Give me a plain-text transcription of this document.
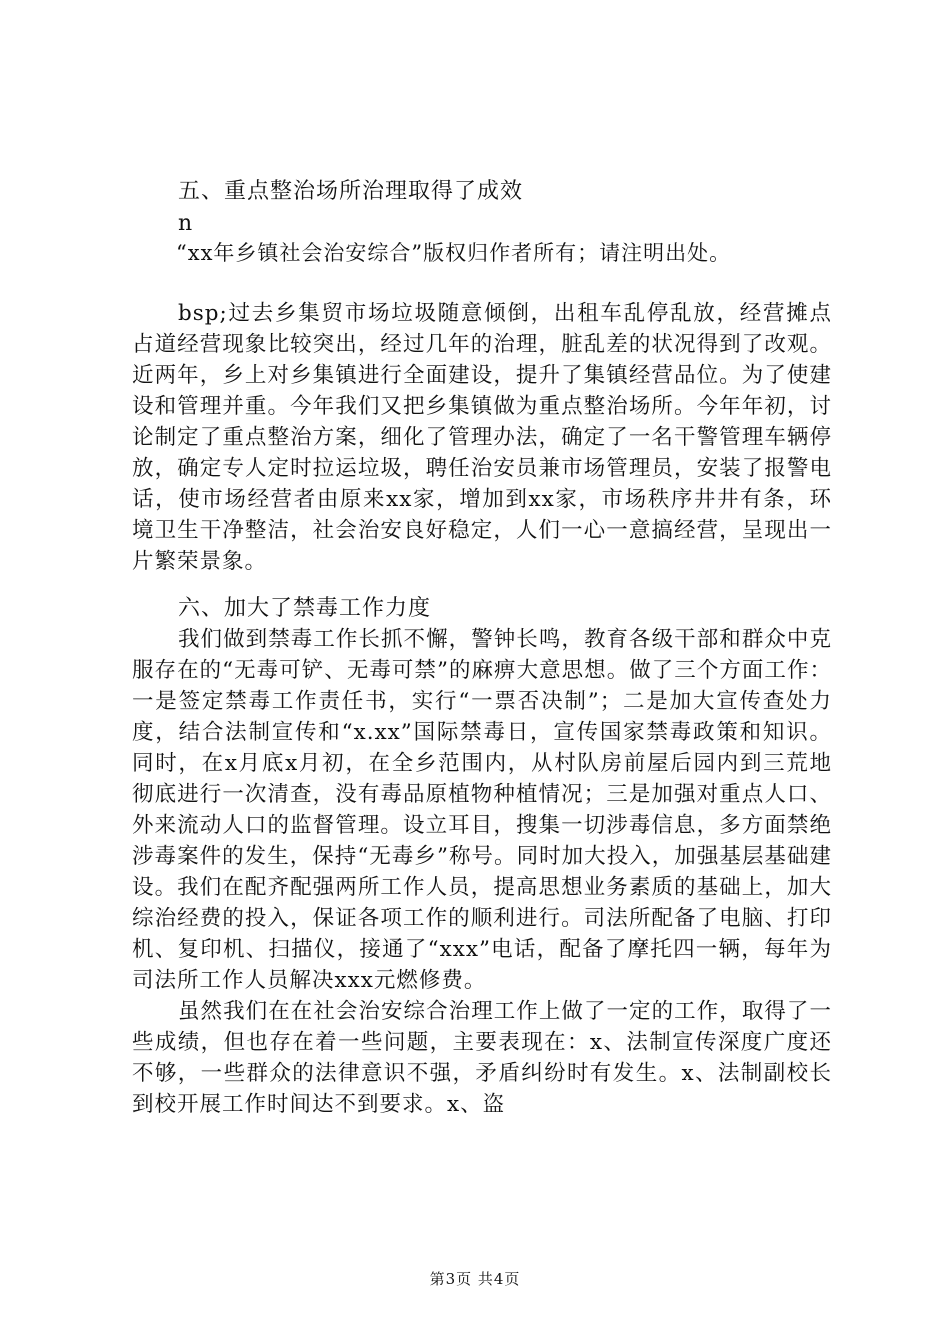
五、重点整治场所治理取得了成效
n
“xx年乡镇社会治安综合”版权归作者所有；请注明出处。

bsp;过去乡集贸市场垃圾随意倾倒，出租车乱停乱放，经营摊点占道经营现象比较突出，经过几年的治理，脏乱差的状况得到了改观。近两年，乡上对乡集镇进行全面建设，提升了集镇经营品位。为了使建设和管理并重。今年我们又把乡集镇做为重点整治场所。今年年初，讨论制定了重点整治方案，细化了管理办法，确定了一名干警管理车辆停放，确定专人定时拉运垃圾，聘任治安员兼市场管理员，安装了报警电话，使市场经营者由原来xx家，增加到xx家，市场秩序井井有条，环境卫生干净整洁，社会治安良好稳定，人们一心一意搞经营，呈现出一片繁荣景象。

六、加大了禁毒工作力度

我们做到禁毒工作长抓不懈，警钟长鸣，教育各级干部和群众中克服存在的“无毒可铲、无毒可禁”的麻痹大意思想。做了三个方面工作：一是签定禁毒工作责任书，实行“一票否决制”；二是加大宣传查处力度，结合法制宣传和“x.xx”国际禁毒日，宣传国家禁毒政策和知识。同时，在x月底x月初，在全乡范围内，从村队房前屋后园内到三荒地彻底进行一次清查，没有毒品原植物种植情况；三是加强对重点人口、外来流动人口的监督管理。设立耳目，搜集一切涉毒信息，多方面禁绝涉毒案件的发生，保持“无毒乡”称号。同时加大投入，加强基层基础建设。我们在配齐配强两所工作人员，提高思想业务素质的基础上，加大综治经费的投入，保证各项工作的顺利进行。司法所配备了电脑、打印机、复印机、扫描仪，接通了“xxx”电话，配备了摩托四一辆，每年为司法所工作人员解决xxx元燃修费。

虽然我们在在社会治安综合治理工作上做了一定的工作，取得了一些成绩，但也存在着一些问题，主要表现在：x、法制宣传深度广度还不够，一些群众的法律意识不强，矛盾纠纷时有发生。x、法制副校长到校开展工作时间达不到要求。x、盗

第3页 共4页
